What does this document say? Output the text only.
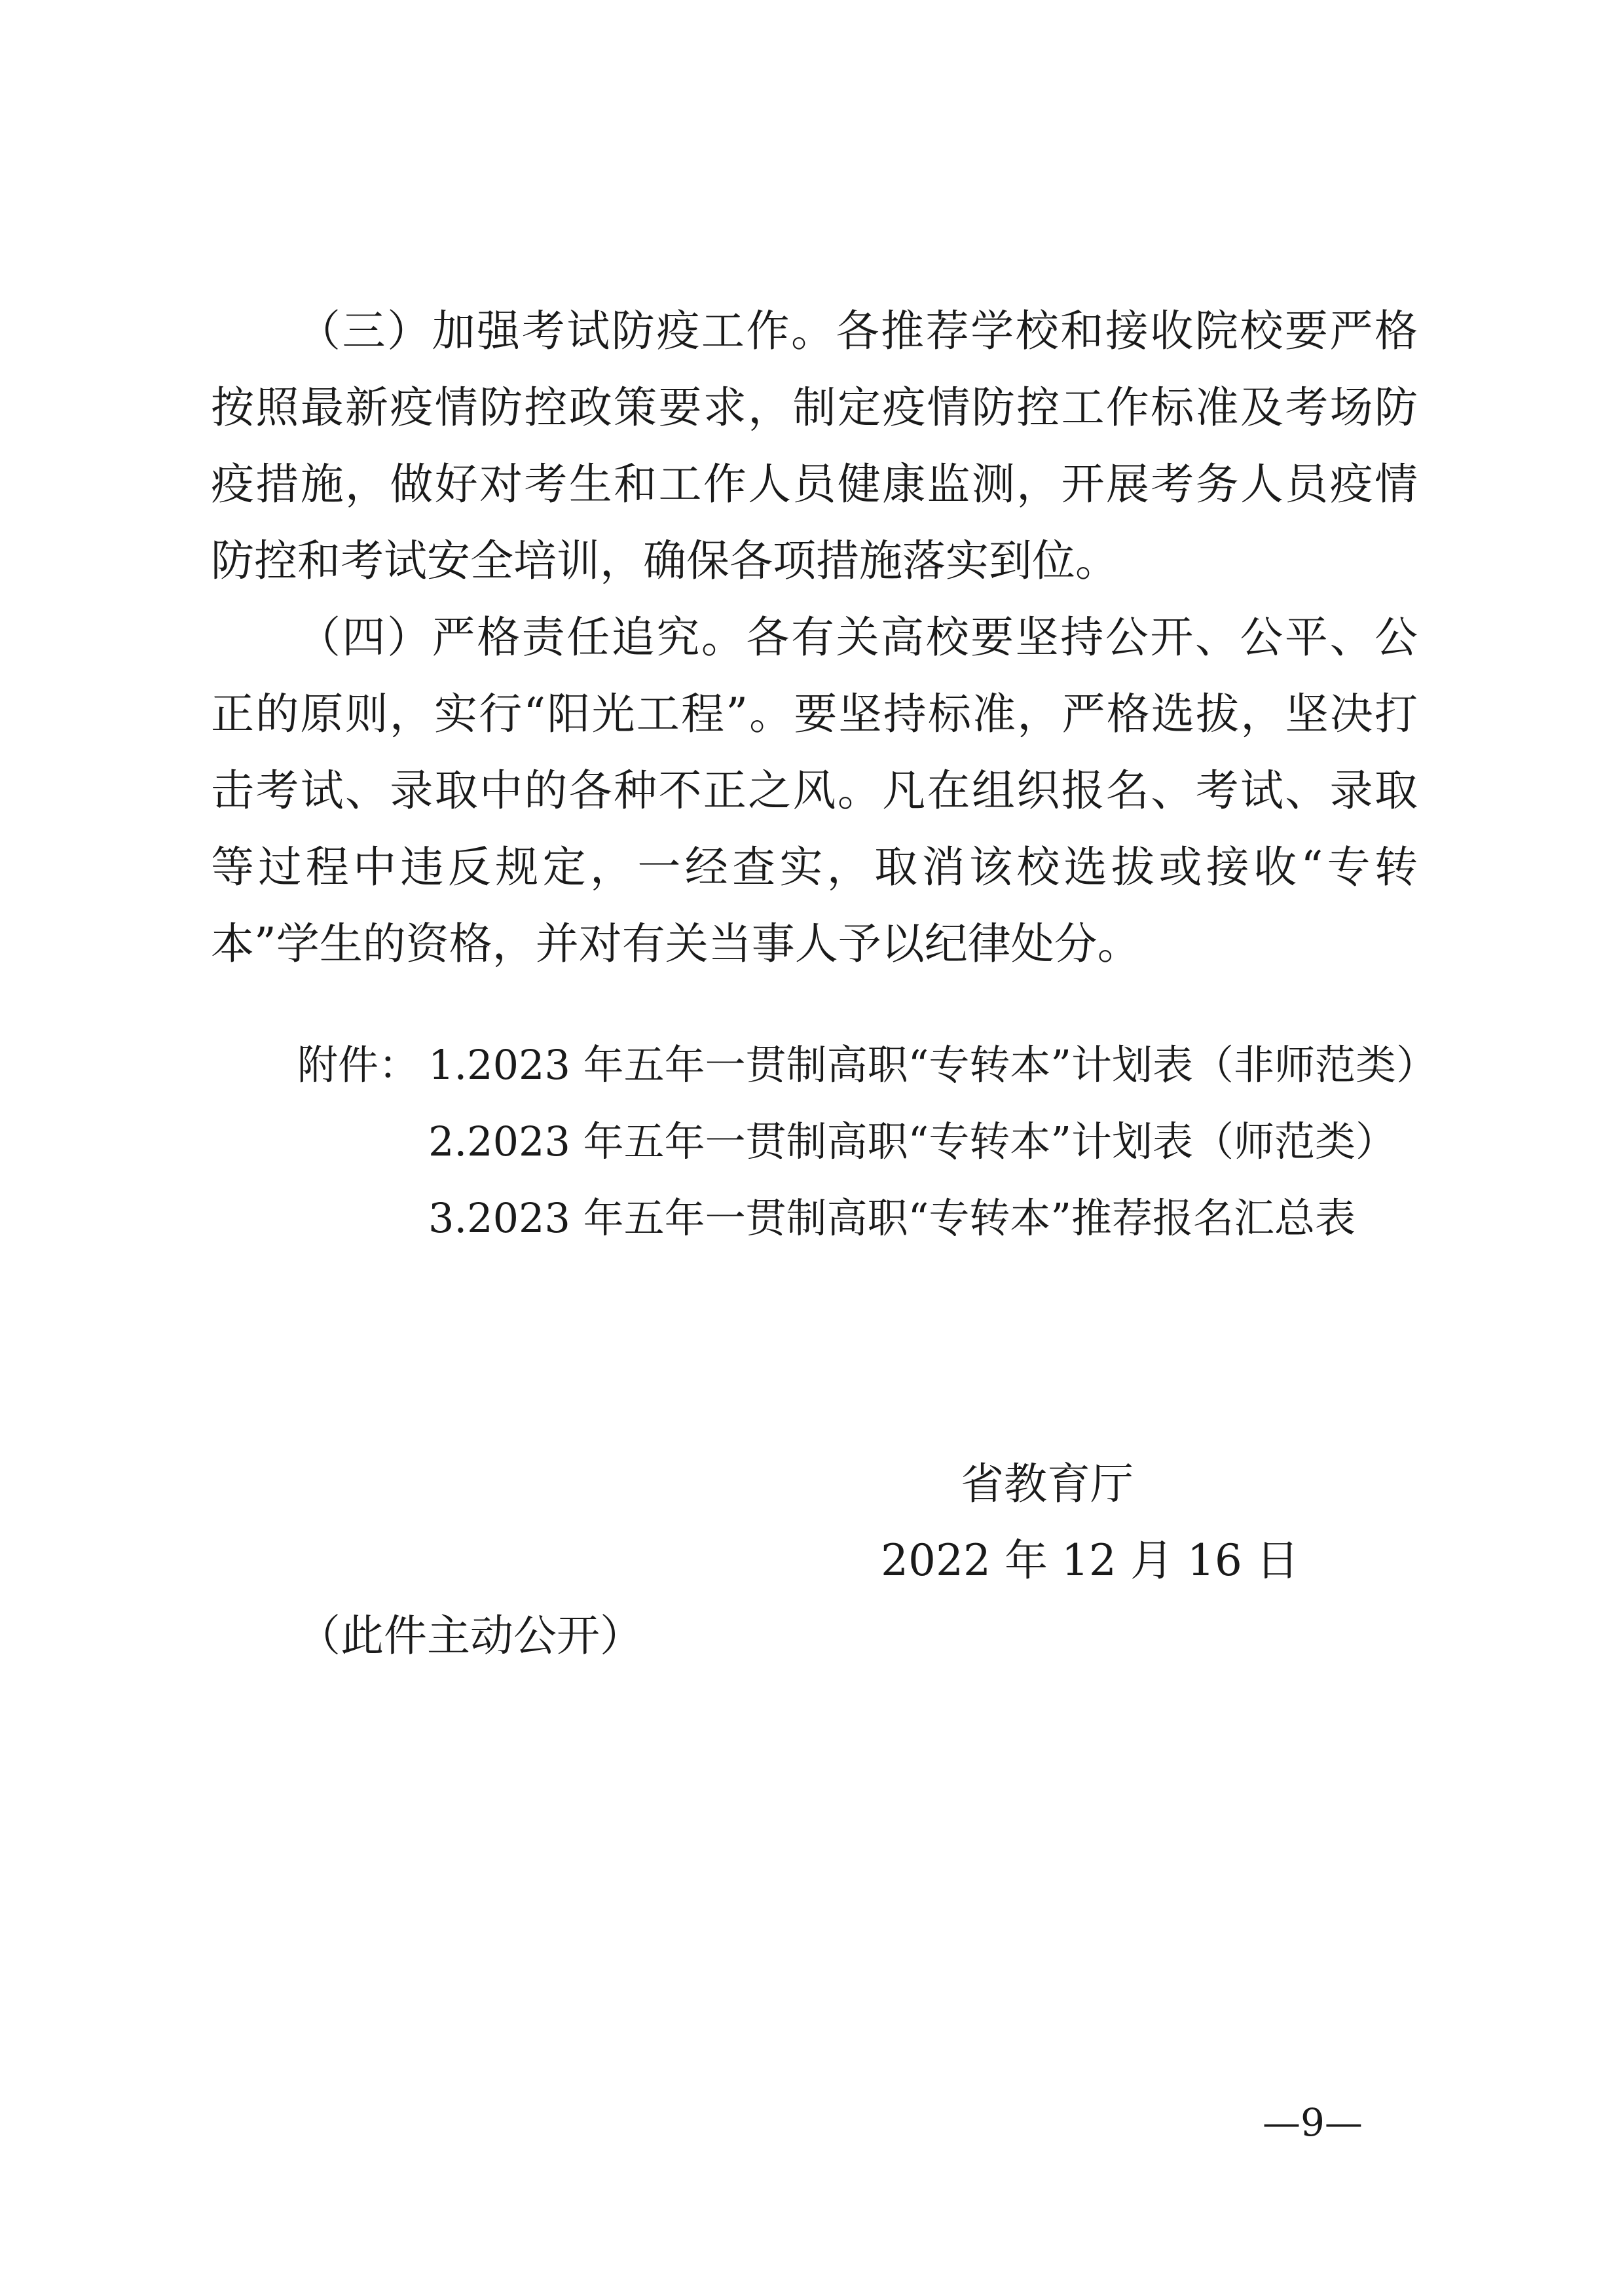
（三）加强考试防疫工作。各推荐学校和接收院校要严格按照最新疫情防控政策要求，制定疫情防控工作标准及考场防疫措施，做好对考生和工作人员健康监测，开展考务人员疫情防控和考试安全培训，确保各项措施落实到位。

（四）严格责任追究。各有关高校要坚持公开、公平、公正的原则，实行“阳光工程”。要坚持标准，严格选拔，坚决打击考试、录取中的各种不正之风。凡在组织报名、考试、录取等过程中违反规定，一经查实，取消该校选拔或接收“专转本”学生的资格，并对有关当事人予以纪律处分。

附件： 1.2023 年五年一贯制高职“专转本”计划表（非师范类）
2.2023 年五年一贯制高职“专转本”计划表（师范类）
3.2023 年五年一贯制高职“专转本”推荐报名汇总表
省教育厅
2022 年 12 月 16 日
（此件主动公开）
—9—
